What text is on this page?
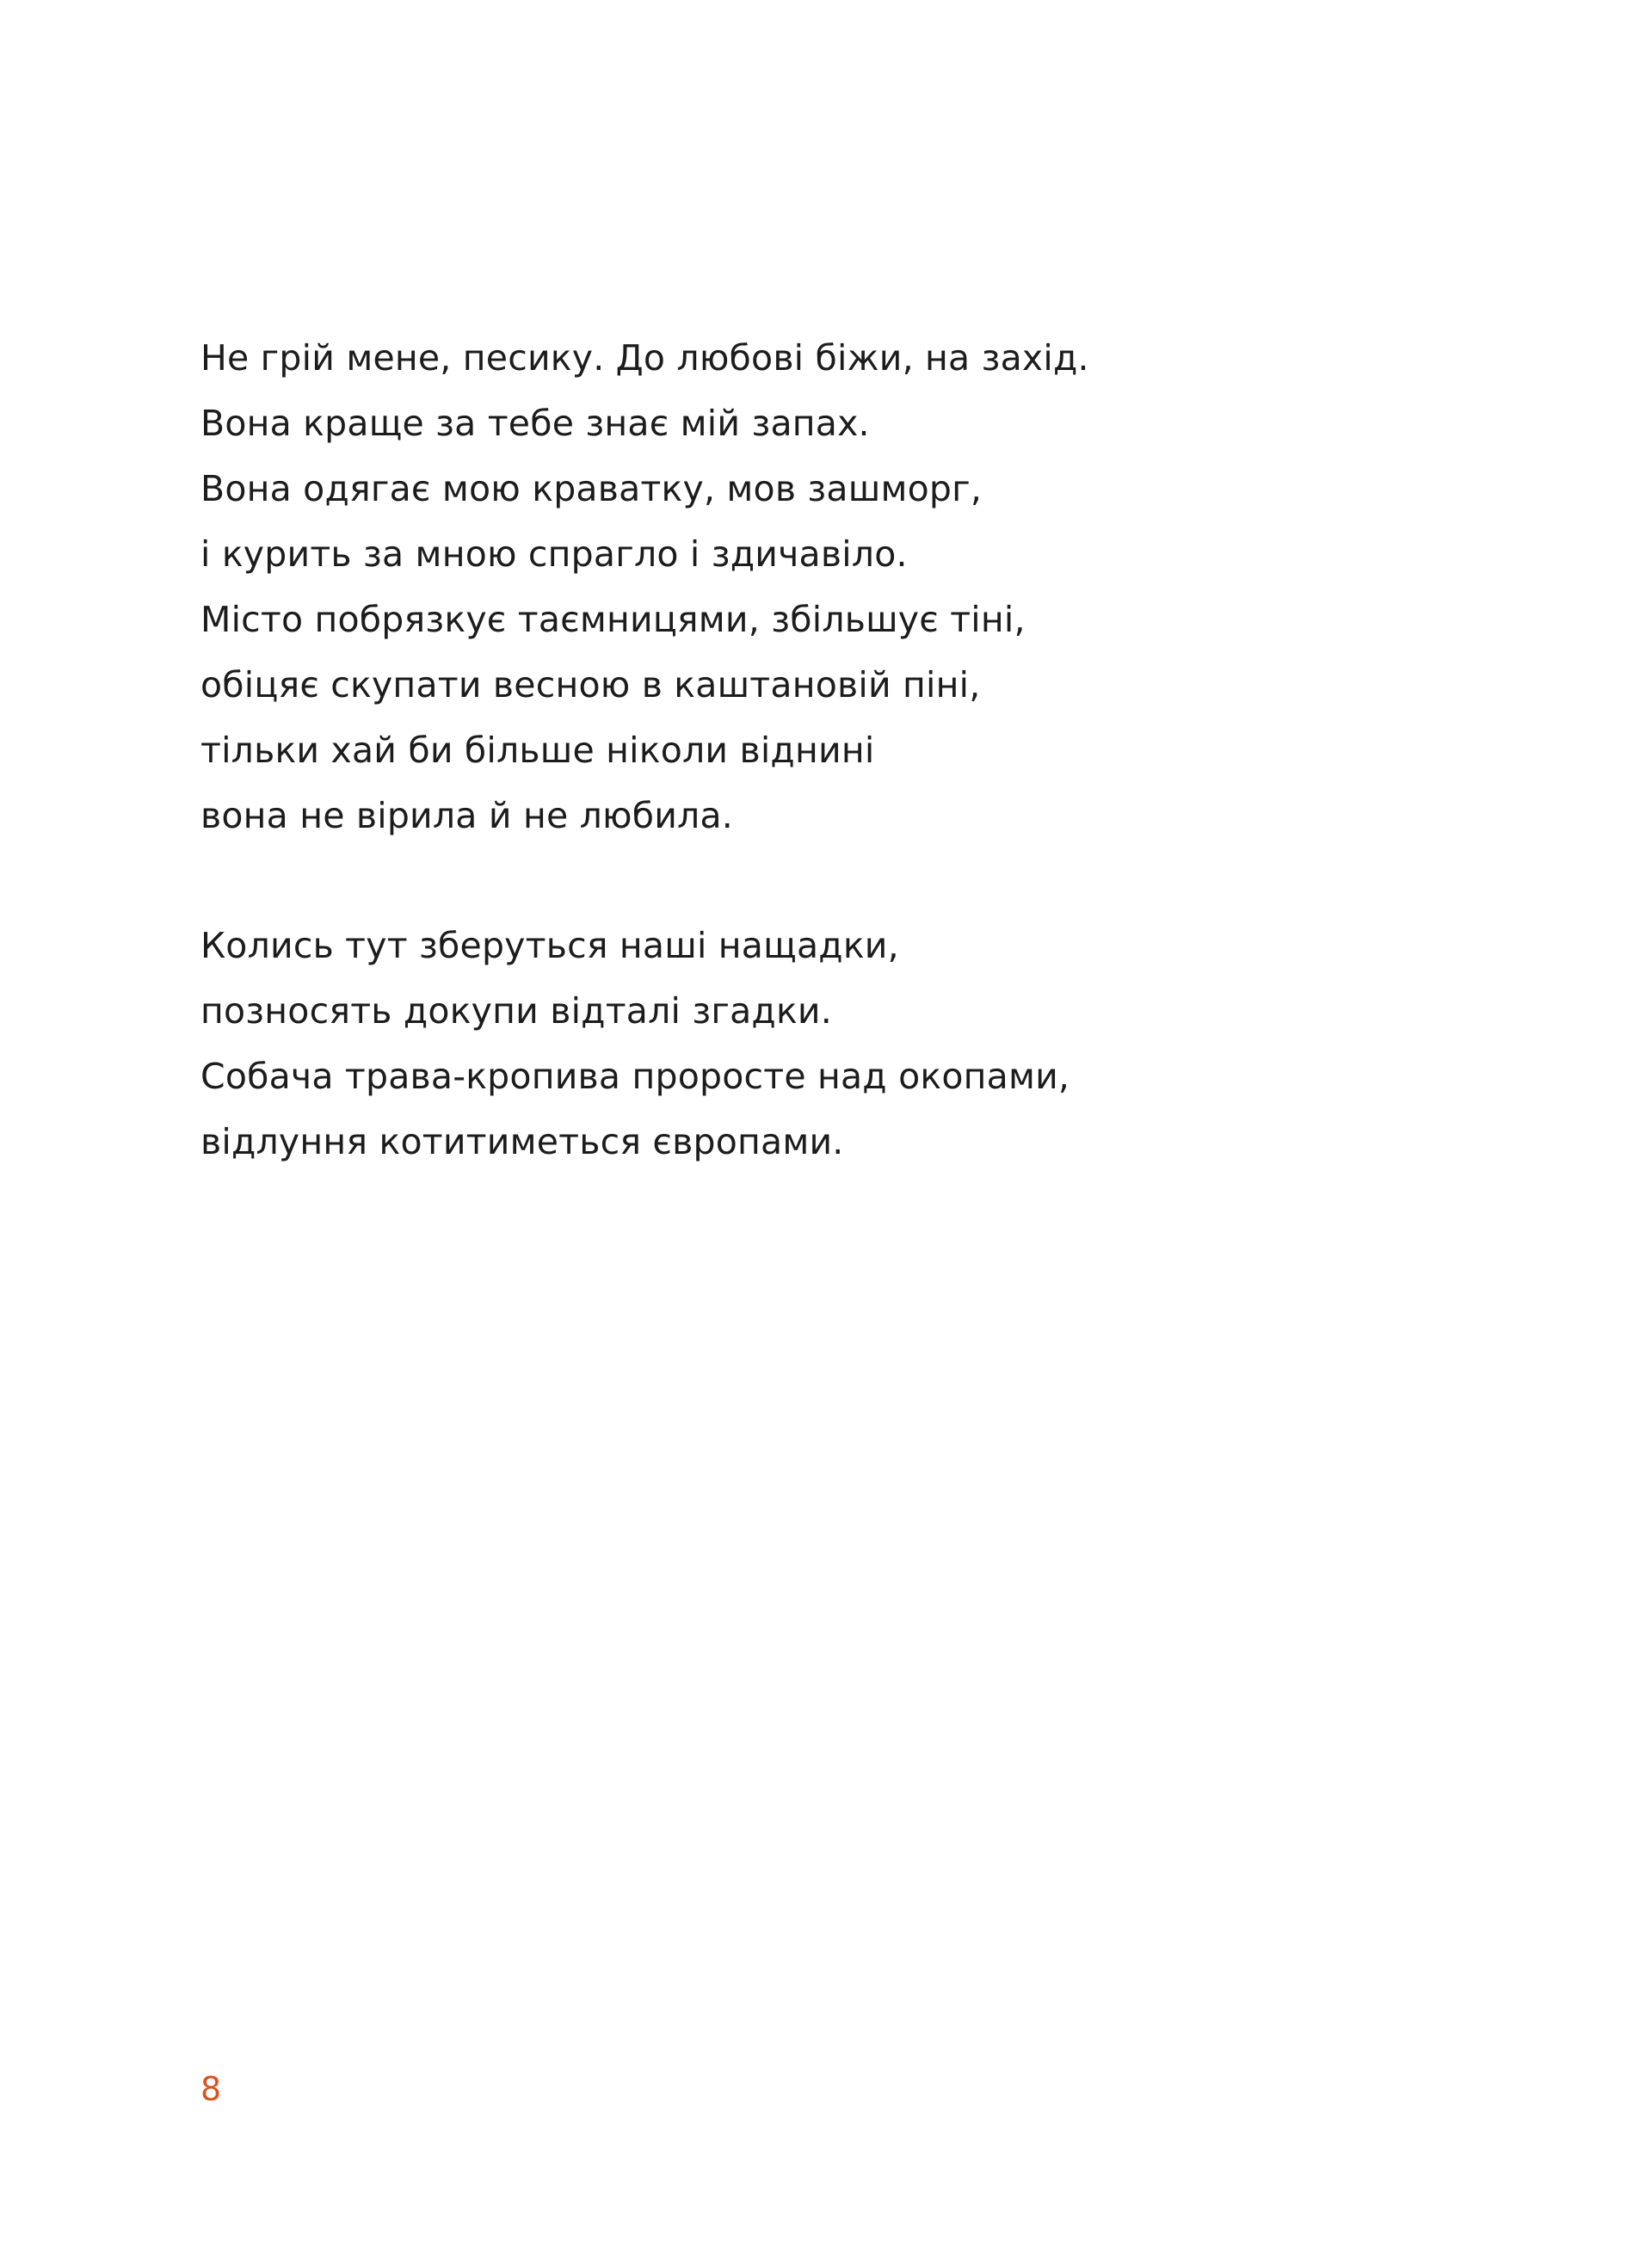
Не грій мене, песику. До любові біжи, на захід.
Вона краще за тебе знає мій запах.
Вона одягає мою краватку, мов зашморг,
і курить за мною спрагло і здичавіло.
Місто побрязкує таємницями, збільшує тіні,
обіцяє скупати весною в каштановій піні,
тільки хай би більше ніколи віднині
вона не вірила й не любила.
Колись тут зберуться наші нащадки,
позносять докупи відталі згадки.
Собача трава-кропива проросте над окопами,
відлуння котитиметься європами.
8
